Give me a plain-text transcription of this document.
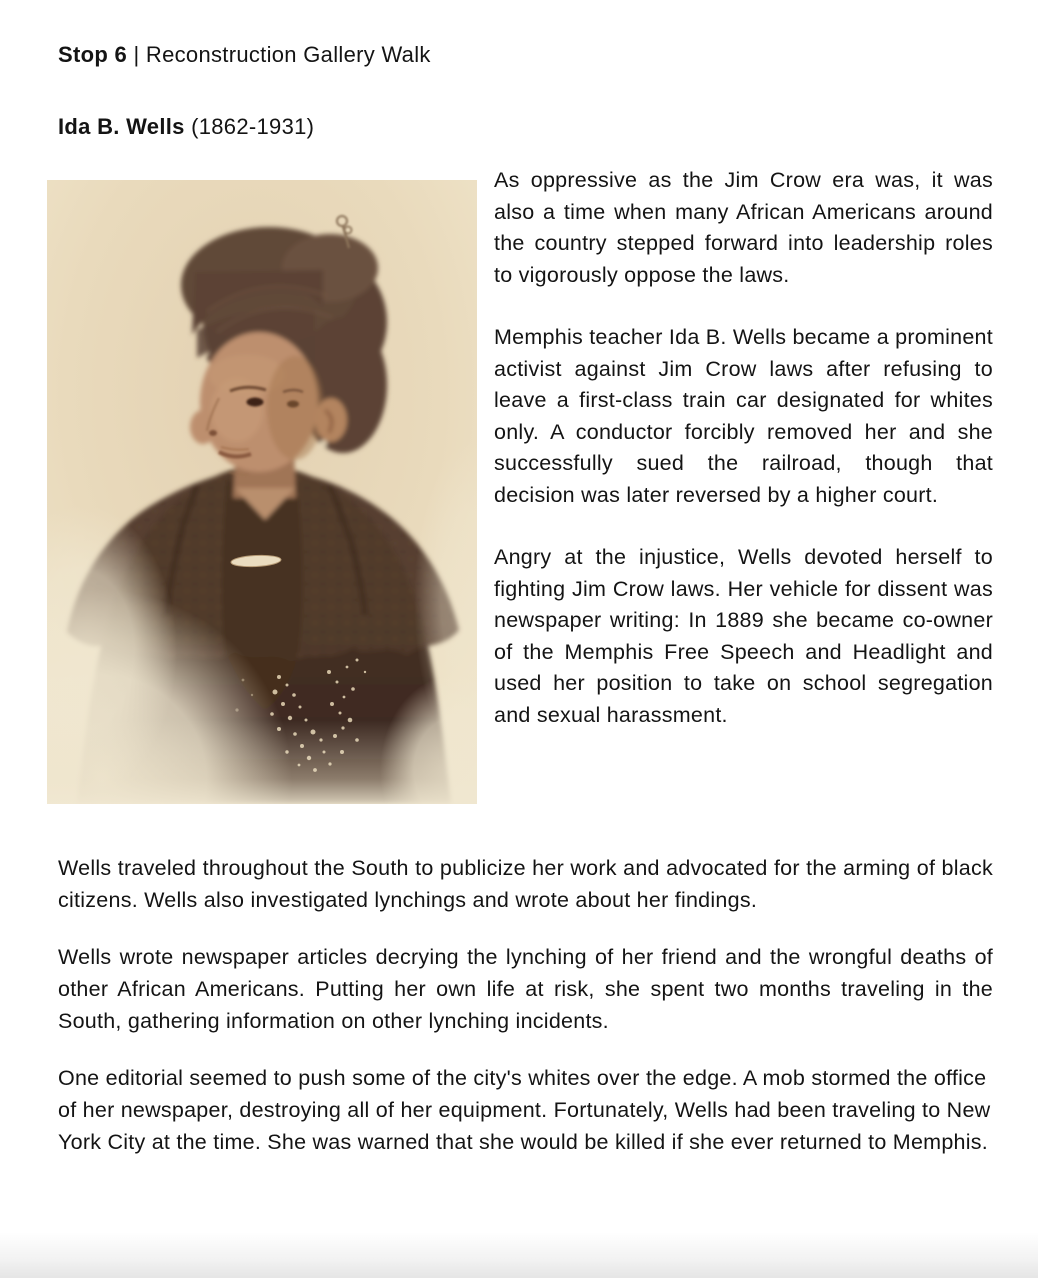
Stop 6 | Reconstruction Gallery Walk

Ida B. Wells (1862-1931)

As oppressive as the Jim Crow era was, it was also a time when many African Americans around the country stepped forward into leadership roles to vigorously oppose the laws.

Memphis teacher Ida B. Wells became a prominent activist against Jim Crow laws after refusing to leave a first-class train car designated for whites only. A conductor forcibly removed her and she successfully sued the railroad, though that decision was later reversed by a higher court.

Angry at the injustice, Wells devoted herself to fighting Jim Crow laws. Her vehicle for dissent was newspaper writing: In 1889 she became co-owner of the Memphis Free Speech and Headlight and used her position to take on school segregation and sexual harassment.

Wells traveled throughout the South to publicize her work and advocated for the arming of black citizens. Wells also investigated lynchings and wrote about her findings.

Wells wrote newspaper articles decrying the lynching of her friend and the wrongful deaths of other African Americans. Putting her own life at risk, she spent two months traveling in the South, gathering information on other lynching incidents.

One editorial seemed to push some of the city's whites over the edge. A mob stormed the office of her newspaper, destroying all of her equipment. Fortunately, Wells had been traveling to New York City at the time. She was warned that she would be killed if she ever returned to Memphis.
